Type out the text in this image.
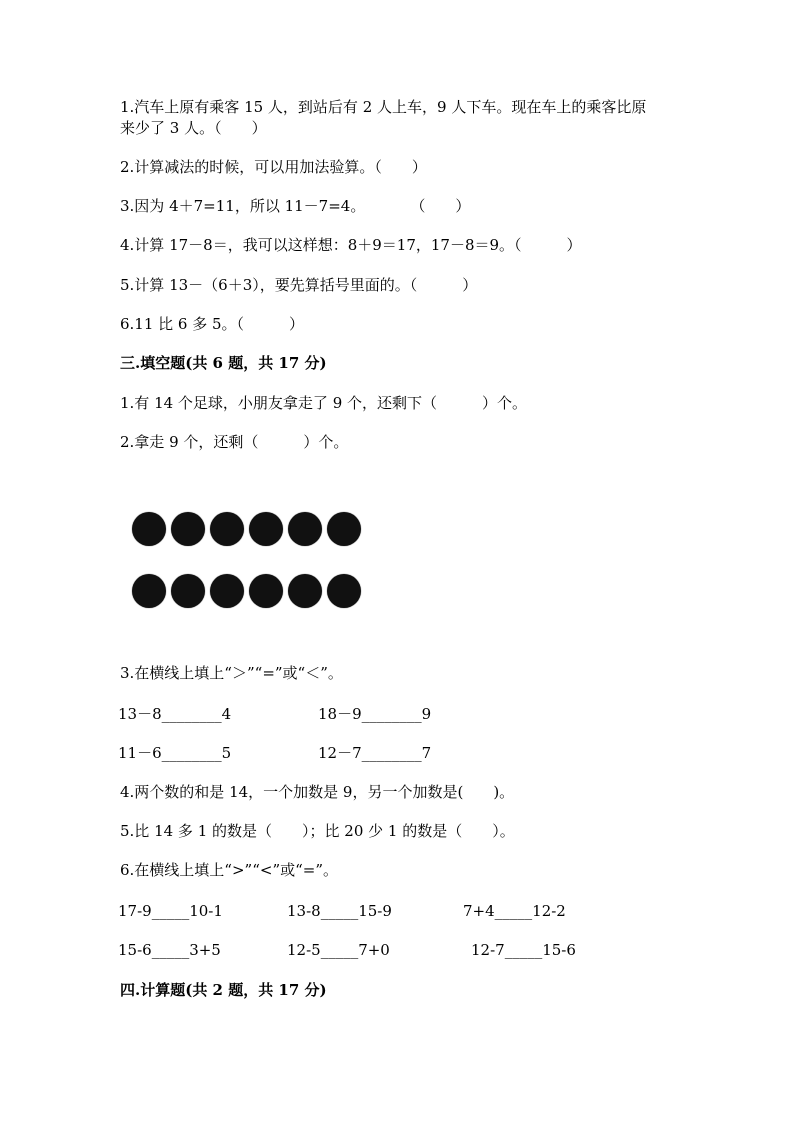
1.汽车上原有乘客 15 人，到站后有 2 人上车，9 人下车。现在车上的乘客比原
来少了 3 人。（　　）
2.计算减法的时候，可以用加法验算。（　　）
3.因为 4＋7=11，所以 11－7=4。　　　　（　　）
4.计算 17－8＝，我可以这样想：8＋9＝17，17－8＝9。（　　　）
5.计算 13－（6＋3），要先算括号里面的。（　　　）
6.11 比 6 多 5。（　　　）
三.填空题(共 6 题，共 17 分)
1.有 14 个足球，小朋友拿走了 9 个，还剩下（　　　）个。
2.拿走 9 个，还剩（　　　）个。
3.在横线上填上“＞”“=”或“＜”。
13－8________4	18－9________9
11－6________5	12－7________7
4.两个数的和是 14，一个加数是 9，另一个加数是(　　)。
5.比 14 多 1 的数是（　　）；比 20 少 1 的数是（　　）。
6.在横线上填上“>”“<”或“=”。
17-9_____10-1	13-8_____15-9	7+4_____12-2
15-6_____3+5	12-5_____7+0	12-7_____15-6
四.计算题(共 2 题，共 17 分)
